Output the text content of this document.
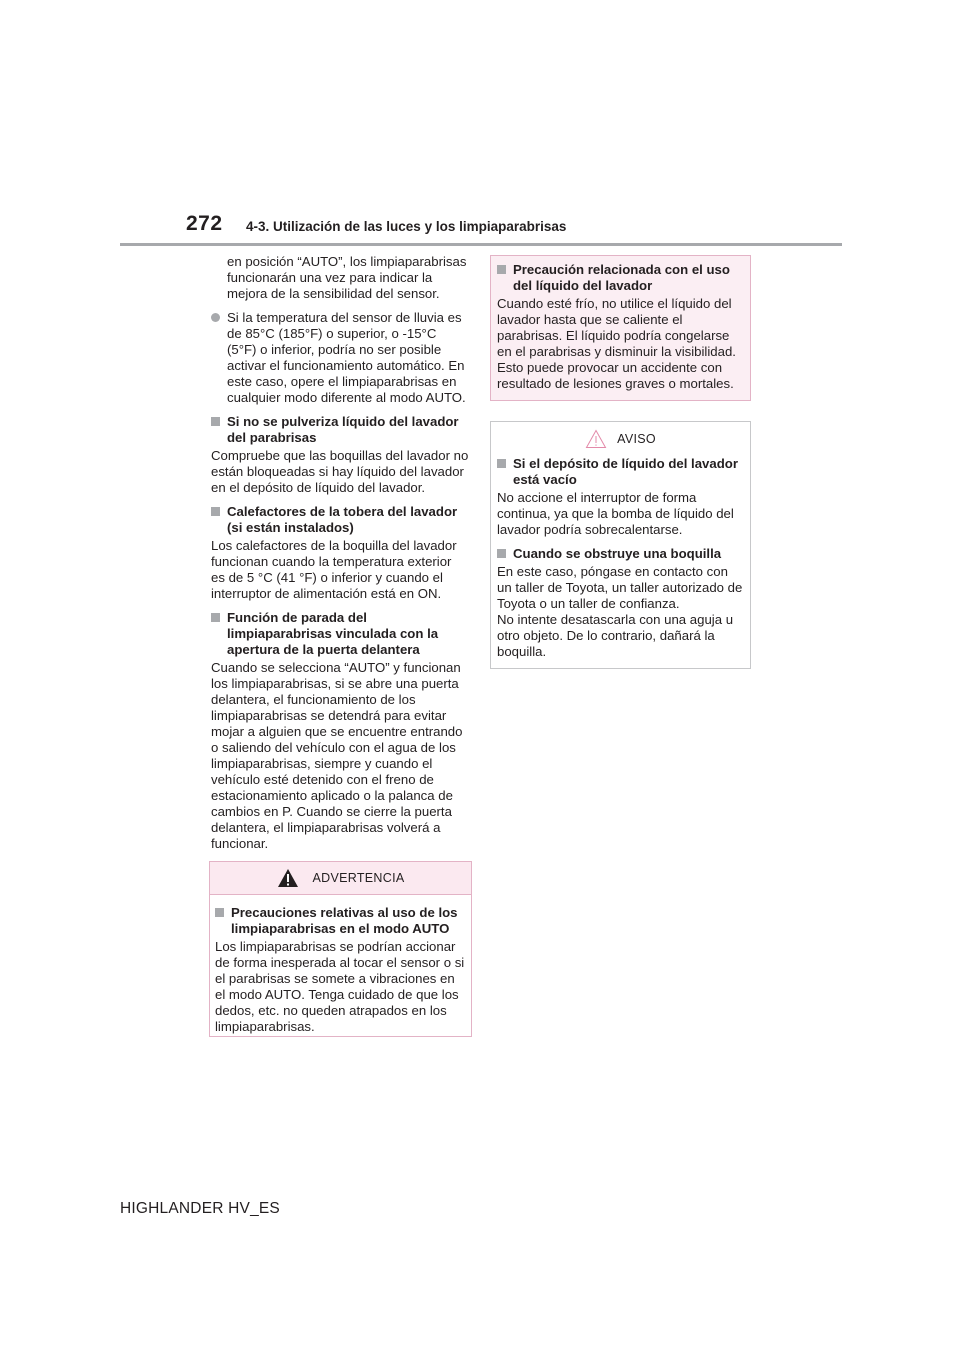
272 4-3. Utilización de las luces y los limpiaparabrisas

en posición “AUTO”, los limpiaparabrisas funcionarán una vez para indicar la mejora de la sensibilidad del sensor.

Si la temperatura del sensor de lluvia es de 85°C (185°F) o superior, o -15°C (5°F) o inferior, podría no ser posible activar el funcionamiento automático. En este caso, opere el limpiaparabrisas en cualquier modo diferente al modo AUTO.

Si no se pulveriza líquido del lavador del parabrisas

Compruebe que las boquillas del lavador no están bloqueadas si hay líquido del lavador en el depósito de líquido del lavador.

Calefactores de la tobera del lavador (si están instalados)

Los calefactores de la boquilla del lavador funcionan cuando la temperatura exterior es de 5 °C (41 °F) o inferior y cuando el interruptor de alimentación está en ON.

Función de parada del limpiaparabrisas vinculada con la apertura de la puerta delantera

Cuando se selecciona “AUTO” y funcionan los limpiaparabrisas, si se abre una puerta delantera, el funcionamiento de los limpiaparabrisas se detendrá para evitar mojar a alguien que se encuentre entrando o saliendo del vehículo con el agua de los limpiaparabrisas, siempre y cuando el vehículo esté detenido con el freno de estacionamiento aplicado o la palanca de cambios en P. Cuando se cierre la puerta delantera, el limpiaparabrisas volverá a funcionar.

ADVERTENCIA

Precauciones relativas al uso de los limpiaparabrisas en el modo AUTO

Los limpiaparabrisas se podrían accionar de forma inesperada al tocar el sensor o si el parabrisas se somete a vibraciones en el modo AUTO. Tenga cuidado de que los dedos, etc. no queden atrapados en los limpiaparabrisas.

Precaución relacionada con el uso del líquido del lavador

Cuando esté frío, no utilice el líquido del lavador hasta que se caliente el parabrisas. El líquido podría congelarse en el parabrisas y disminuir la visibilidad. Esto puede provocar un accidente con resultado de lesiones graves o mortales.

AVISO

Si el depósito de líquido del lavador está vacío

No accione el interruptor de forma continua, ya que la bomba de líquido del lavador podría sobrecalentarse.

Cuando se obstruye una boquilla

En este caso, póngase en contacto con un taller de Toyota, un taller autorizado de Toyota o un taller de confianza.

No intente desatascarla con una aguja u otro objeto. De lo contrario, dañará la boquilla.

HIGHLANDER HV_ES
